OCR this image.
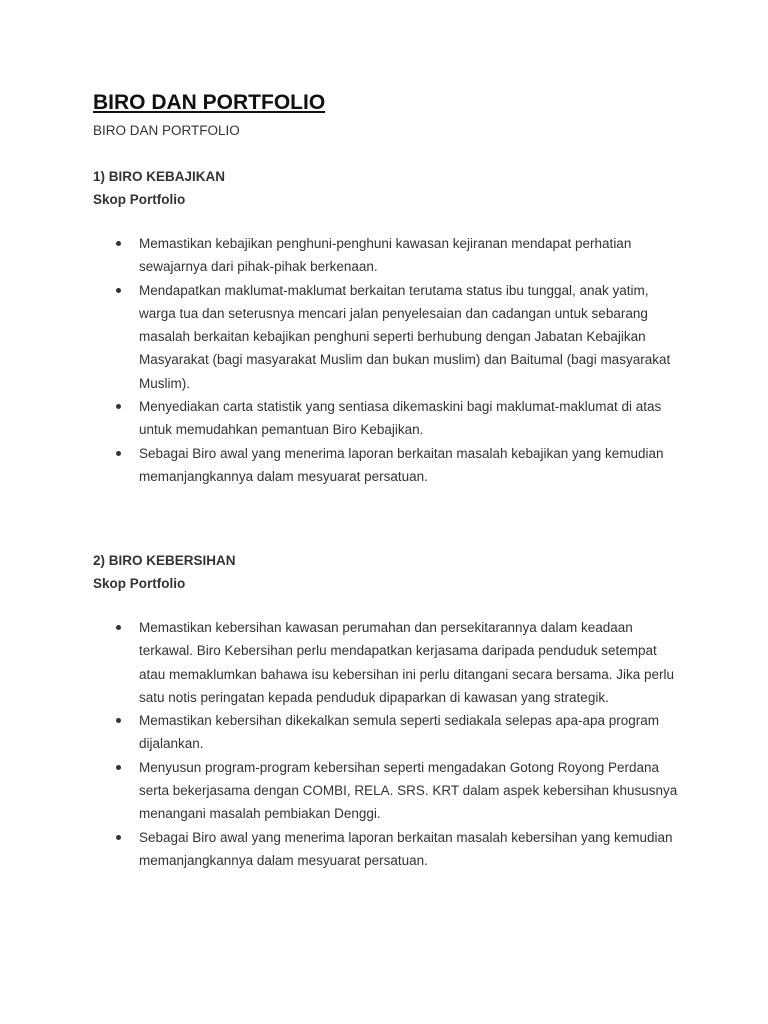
BIRO DAN PORTFOLIO
BIRO DAN PORTFOLIO
1) BIRO KEBAJIKAN
Skop Portfolio
Memastikan kebajikan penghuni-penghuni kawasan kejiranan mendapat perhatian sewajarnya dari pihak-pihak berkenaan.
Mendapatkan maklumat-maklumat berkaitan terutama status ibu tunggal, anak yatim, warga tua dan seterusnya mencari jalan penyelesaian dan cadangan untuk sebarang masalah berkaitan kebajikan penghuni seperti berhubung dengan Jabatan Kebajikan Masyarakat (bagi masyarakat Muslim dan bukan muslim) dan Baitumal (bagi masyarakat Muslim).
Menyediakan carta statistik yang sentiasa dikemaskini bagi maklumat-maklumat di atas untuk memudahkan pemantuan Biro Kebajikan.
Sebagai Biro awal yang menerima laporan berkaitan masalah kebajikan yang kemudian memanjangkannya dalam mesyuarat persatuan.
2) BIRO KEBERSIHAN
Skop Portfolio
Memastikan kebersihan kawasan perumahan dan persekitarannya dalam keadaan terkawal. Biro Kebersihan perlu mendapatkan kerjasama daripada penduduk setempat atau memaklumkan bahawa isu kebersihan ini perlu ditangani secara bersama. Jika perlu satu notis peringatan kepada penduduk dipaparkan di kawasan yang strategik.
Memastikan kebersihan dikekalkan semula seperti sediakala selepas apa-apa program dijalankan.
Menyusun program-program kebersihan seperti mengadakan Gotong Royong Perdana serta bekerjasama dengan COMBI, RELA. SRS. KRT dalam aspek kebersihan khususnya menangani masalah pembiakan Denggi.
Sebagai Biro awal yang menerima laporan berkaitan masalah kebersihan yang kemudian memanjangkannya dalam mesyuarat persatuan.
